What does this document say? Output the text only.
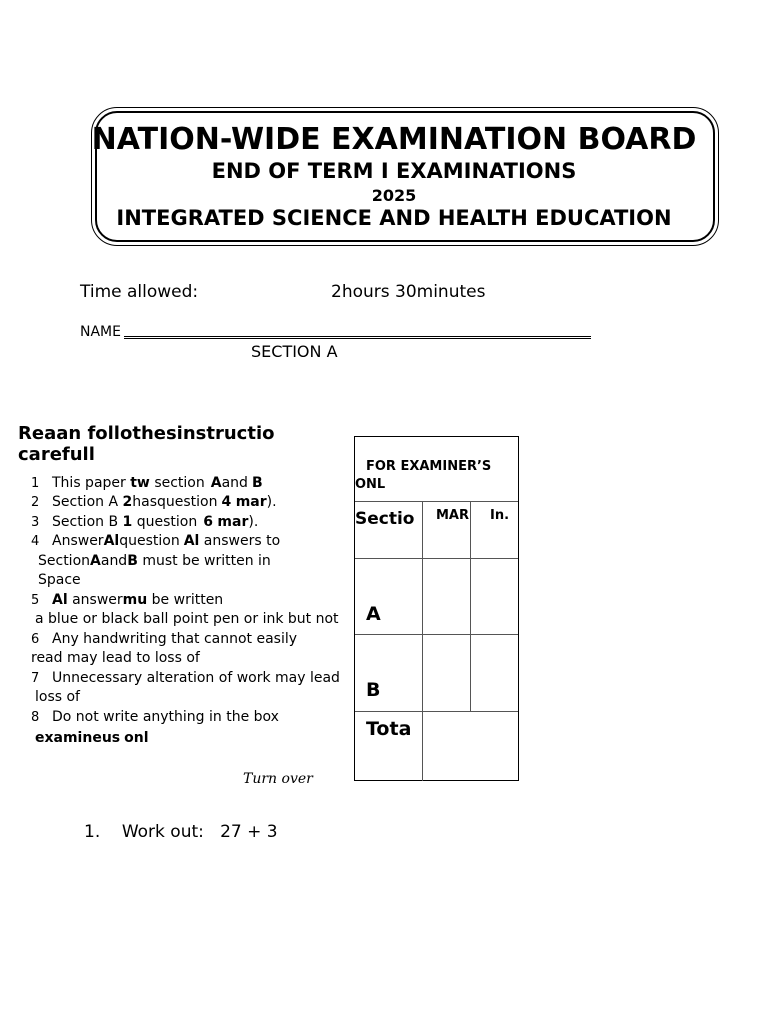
NATION-WIDE EXAMINATION BOARD
END OF TERM I EXAMINATIONS
2025
INTEGRATED SCIENCE AND HEALTH EDUCATION
Time allowed:	2hours 30minutes
NAME
SECTION A
Reaan follothesinstructio
carefull
1 This paper tw section Aand B
2 Section A 2hasquestion 4 mar).
3 Section B 1 question 6 mar).
4 AnswerAlquestion Al answers to
SectionAandB must be written in
Space
5 Al answermu be written
a blue or black ball point pen or ink but not
6 Any handwriting that cannot easily
read may lead to loss of
7 Unnecessary alteration of work may lead
loss of
8 Do not write anything in the box
examineus onl
Turn over
1.    Work out:   27 + 3
FOR EXAMINER’S
ONL
Sectio MAR In.
A
B
Tota
